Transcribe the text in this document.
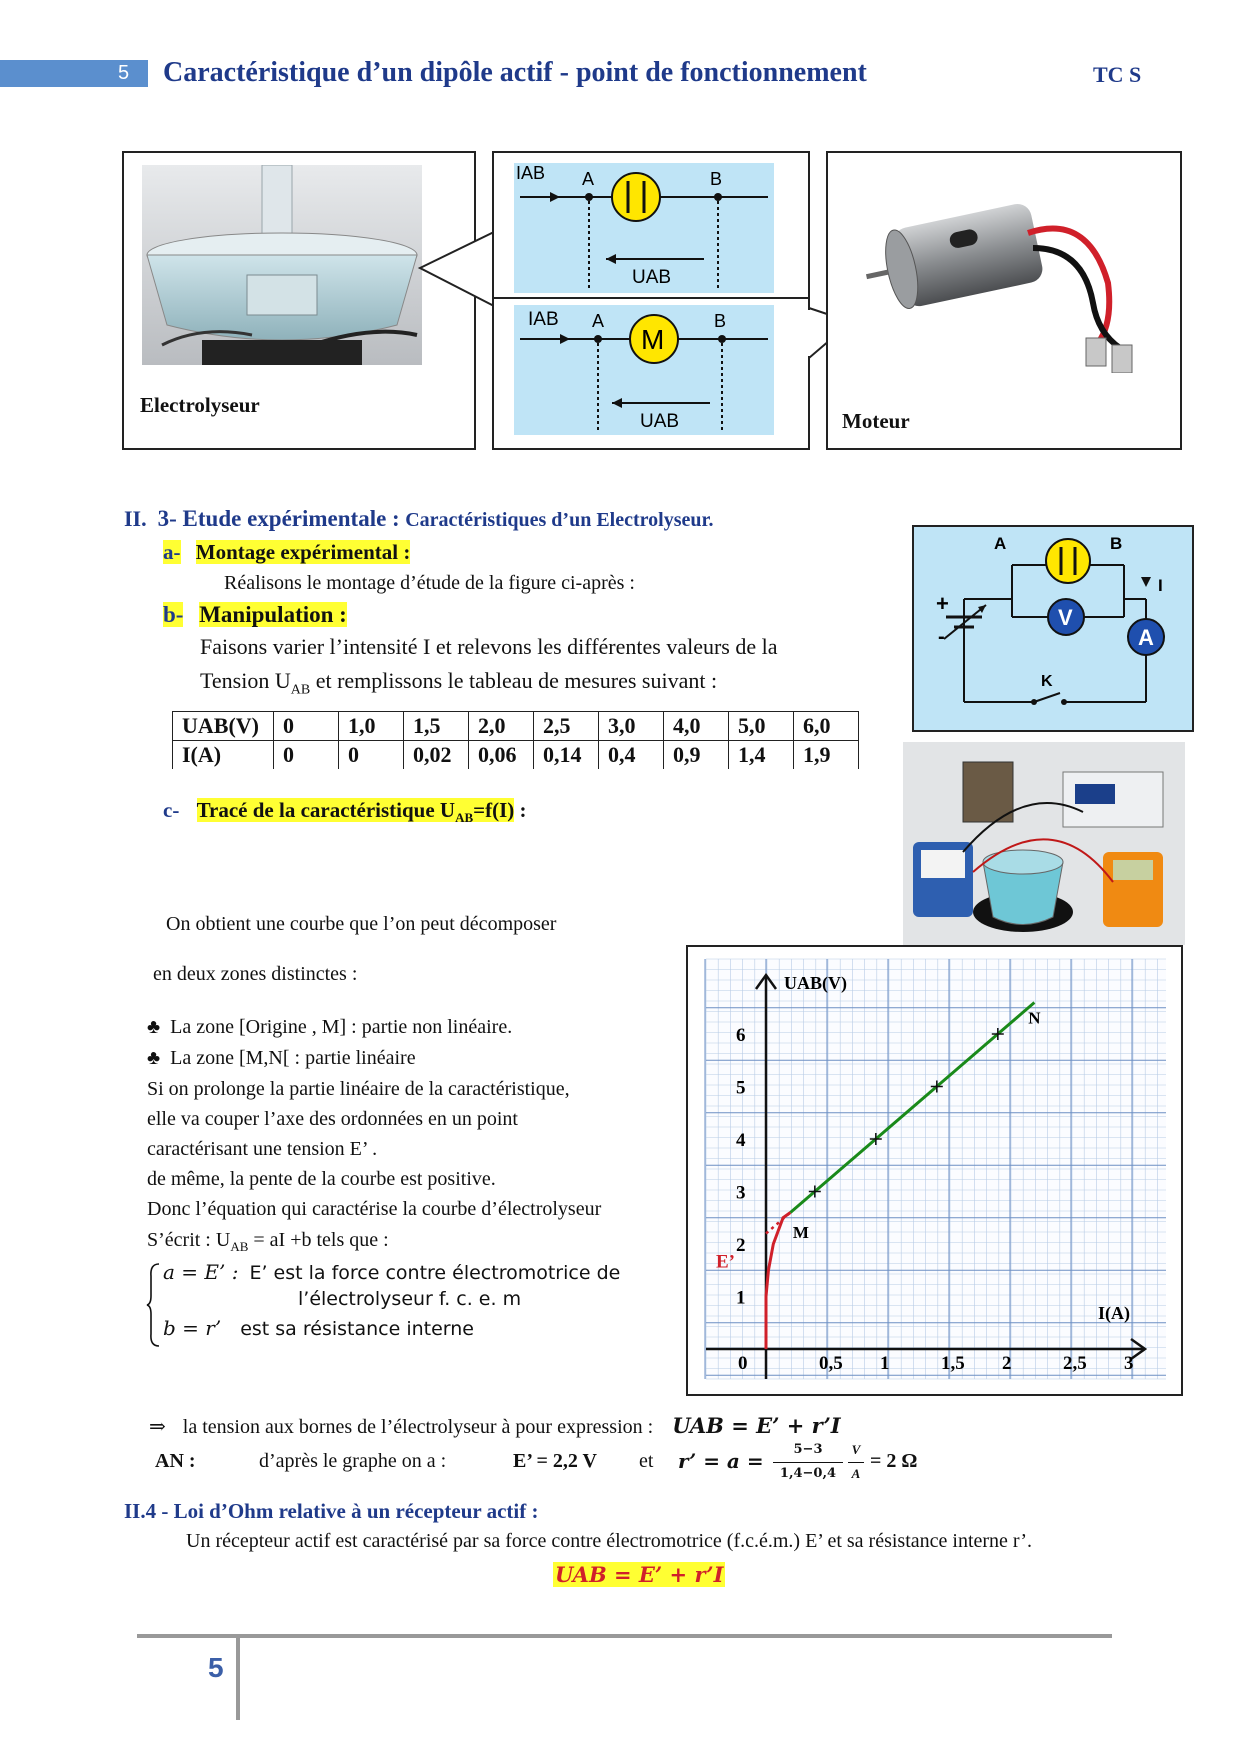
5	Caractéristique d’un dipôle actif - point de fonctionnement	TC S
Electrolyseur
IAB A	B
UAB
M
IAB A	B
UAB	Moteur
II. 3- Etude expérimentale : Caractéristiques d’un Electrolyseur.
a- Montage expérimental :
Réalisons le montage d’étude de la figure ci-après :
b- Manipulation :
Faisons varier l’intensité I et relevons les différentes valeurs de la
Tension $U_{AB}$ et remplissons le tableau de mesures suivant :
A	B
I
V
A
K
+
-
UAB(V)	0	1,0	1,5	2,0	2,5	3,0	4,0	5,0	6,0
I(A)	0	0	0,02	0,06	0,14	0,4	0,9	1,4	1,9
c- Tracé de la caractéristique $U_{AB}=f(I)$ :
On obtient une courbe que l’on peut décomposer
en deux zones distinctes :
♣ La zone [Origine , M] : partie non linéaire.
♣ La zone [M,N[ : partie linéaire
Si on prolonge la partie linéaire de la caractéristique,
elle va couper l’axe des ordonnées en un point
caractérisant une tension E’ .
de même, la pente de la courbe est positive.
Donc l’équation qui caractérise la courbe d’électrolyseur
S’écrit : $U_{AB}$ = aI +b tels que :
a = E’ : E’ est la force contre électromotrice de
l’électrolyseur f. c. e. m
b = r’ est sa résistance interne
0,5 1	1,5 2	2,5 3
0
1
2
3
4
5
6
UAB(V)
I(A)
M
N
E’
⇒ la tension aux bornes de l’électrolyseur à pour expression : UAB = E’ + r’I
AN :	d’après le graphe on a :	E’ = 2,2 V et r’ = a =	5−3
1,4−0,4
V
A
= 2 Ω
II.4 - Loi d’Ohm relative à un récepteur actif :
Un récepteur actif est caractérisé par sa force contre électromotrice (f.c.é.m.) E’ et sa résistance interne r’.
UAB = E’ + r’I
5
